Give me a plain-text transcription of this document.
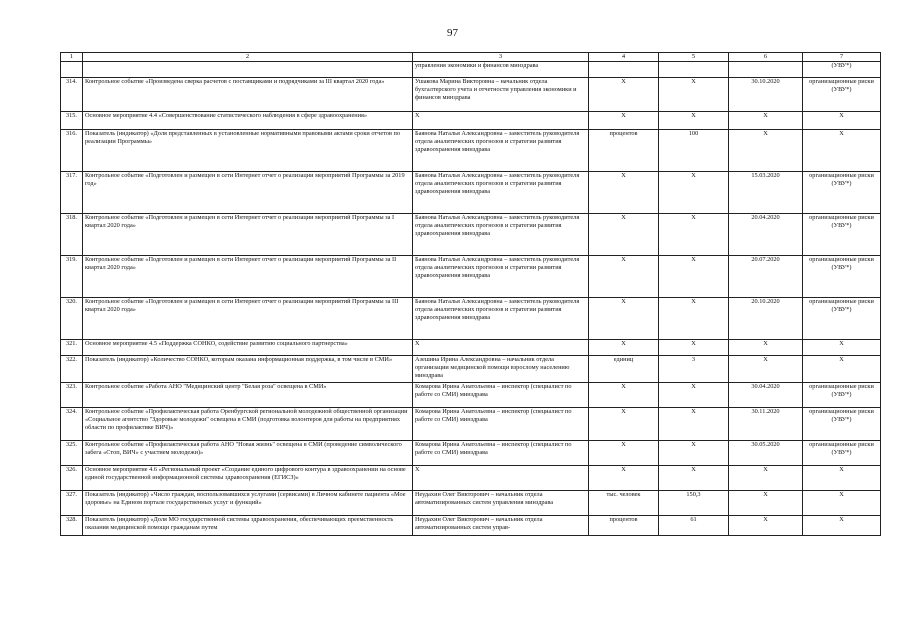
97
1	2	3	4	5	6	7
		управления экономики и финансов минздрава				(УВУ*)
314.	Контрольное событие «Произведена сверка расчетов с поставщиками и подрядчиками за III квартал 2020 года»	Ушакова Марина Викторовна – начальник отдела бухгалтерского учета и отчетности управления экономики и финансов минздрава	X	X	30.10.2020	организационные риски (УВУ*)
315.	Основное мероприятие 4.4 «Совершенствование статистического наблюдения в сфере здравоохранения»	X	X	X	X	X
316.	Показатель (индикатор) «Доля представленных в установленные нормативными правовыми актами сроки отчетов по реализации Программы»	Баянова Наталья Александровна – заместитель руководителя отдела аналитических прогнозов и стратегии развития здравоохранения минздрава	процентов	100	X	X
317.	Контрольное событие «Подготовлен и размещен в сети Интернет отчет о реализации мероприятий Программы за 2019 год»	Баянова Наталья Александровна – заместитель руководителя отдела аналитических прогнозов и стратегии развития здравоохранения минздрава	X	X	15.03.2020	организационные риски (УВУ*)
318.	Контрольное событие «Подготовлен и размещен в сети Интернет отчет о реализации мероприятий Программы за I квартал 2020 года»	Баянова Наталья Александровна – заместитель руководителя отдела аналитических прогнозов и стратегии развития здравоохранения минздрава	X	X	20.04.2020	организационные риски (УВУ*)
319.	Контрольное событие «Подготовлен и размещен в сети Интернет отчет о реализации мероприятий Программы за II квартал 2020 года»	Баянова Наталья Александровна – заместитель руководителя отдела аналитических прогнозов и стратегии развития здравоохранения минздрава	X	X	20.07.2020	организационные риски (УВУ*)
320.	Контрольное событие «Подготовлен и размещен в сети Интернет отчет о реализации мероприятий Программы за III квартал 2020 года»	Баянова Наталья Александровна – заместитель руководителя отдела аналитических прогнозов и стратегии развития здравоохранения минздрава	X	X	20.10.2020	организационные риски (УВУ*)
321.	Основное мероприятие 4.5 «Поддержка СОНКО, содействие развитию социального партнерства»	X	X	X	X	X
322.	Показатель (индикатор) «Количество СОНКО, которым оказана информационная поддержка, в том числе в СМИ»	Азешина Ирина Александровна – начальник отдела организации медицинской помощи взрослому населению минздрава	единиц	3	X	X
323.	Контрольное событие «Работа АНО "Медицинский центр "Белая роза" освещена в СМИ»	Комарова Ирина Анатольевна – инспектор (специалист по работе со СМИ) минздрава	X	X	30.04.2020	организационные риски (УВУ*)
324.	Контрольное событие «Профилактическая работа Оренбургской региональной молодежной общественной организации «Социальное агентство "Здоровые молодежи" освещена в СМИ (подготовка волонтеров для работы на предприятиях области по профилактике ВИЧ)»	Комарова Ирина Анатольевна – инспектор (специалист по работе со СМИ) минздрава	X	X	30.11.2020	организационные риски (УВУ*)
325.	Контрольное событие «Профилактическая работа АНО "Новая жизнь" освещена в СМИ (проведение символического забега «Стоп, ВИЧ» с участием молодежи)»	Комарова Ирина Анатольевна – инспектор (специалист по работе со СМИ) минздрава	X	X	30.05.2020	организационные риски (УВУ*)
326.	Основное мероприятие 4.6 «Региональный проект «Создание единого цифрового контура в здравоохранении на основе единой государственной информационной системы здравоохранения (ЕГИСЗ)»	X	X	X	X	X
327.	Показатель (индикатор) «Число граждан, воспользовавшихся услугами (сервисами) в Личном кабинете пациента «Мое здоровье» на Едином портале государственных услуг и функций»	Неудахин Олег Викторович – начальник отдела автоматизированных систем управления минздрава	тыс. человек	150,3	X	X
328.	Показатель (индикатор) «Доля МО государственной системы здравоохранения, обеспечивающих преемственность оказания медицинской помощи гражданам путем	Неудахин Олег Викторович – начальник отдела автоматизированных систем управ-	процентов	61	X	X
